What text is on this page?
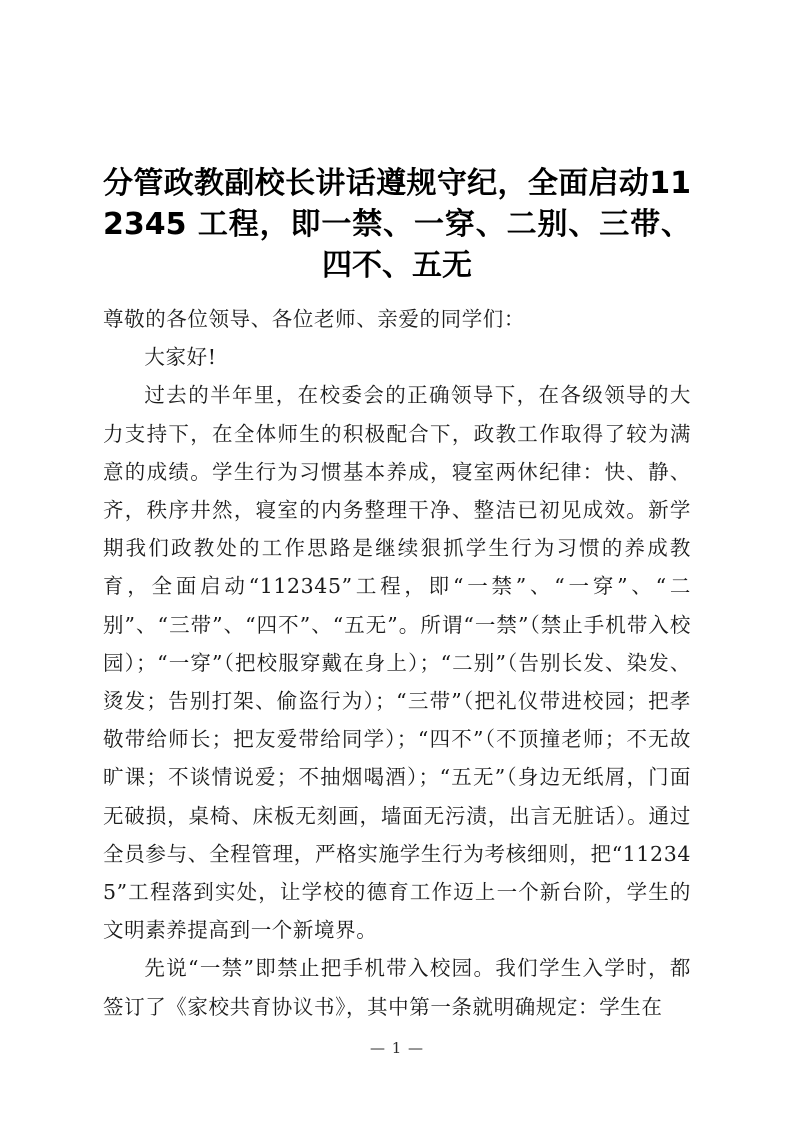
分管政教副校长讲话遵规守纪，全面启动112345 工程，即一禁、一穿、二别、三带、四不、五无

尊敬的各位领导、各位老师、亲爱的同学们：

大家好!

过去的半年里，在校委会的正确领导下，在各级领导的大力支持下，在全体师生的积极配合下，政教工作取得了较为满意的成绩。学生行为习惯基本养成，寝室两休纪律：快、静、齐，秩序井然，寝室的内务整理干净、整洁已初见成效。新学期我们政教处的工作思路是继续狠抓学生行为习惯的养成教育，全面启动“112345”工程，即“一禁”、“一穿”、“二别”、“三带”、“四不”、“五无”。所谓“一禁”（禁止手机带入校园）；“一穿”（把校服穿戴在身上）；“二别”（告别长发、染发、烫发；告别打架、偷盗行为）；“三带”（把礼仪带进校园；把孝敬带给师长；把友爱带给同学）；“四不”（不顶撞老师；不无故旷课；不谈情说爱；不抽烟喝酒）；“五无”（身边无纸屑，门面无破损，桌椅、床板无刻画，墙面无污渍，出言无脏话）。通过全员参与、全程管理，严格实施学生行为考核细则，把“112345”工程落到实处，让学校的德育工作迈上一个新台阶，学生的文明素养提高到一个新境界。

先说“一禁”即禁止把手机带入校园。我们学生入学时，都签订了《家校共育协议书》，其中第一条就明确规定：学生在

— 1 —
